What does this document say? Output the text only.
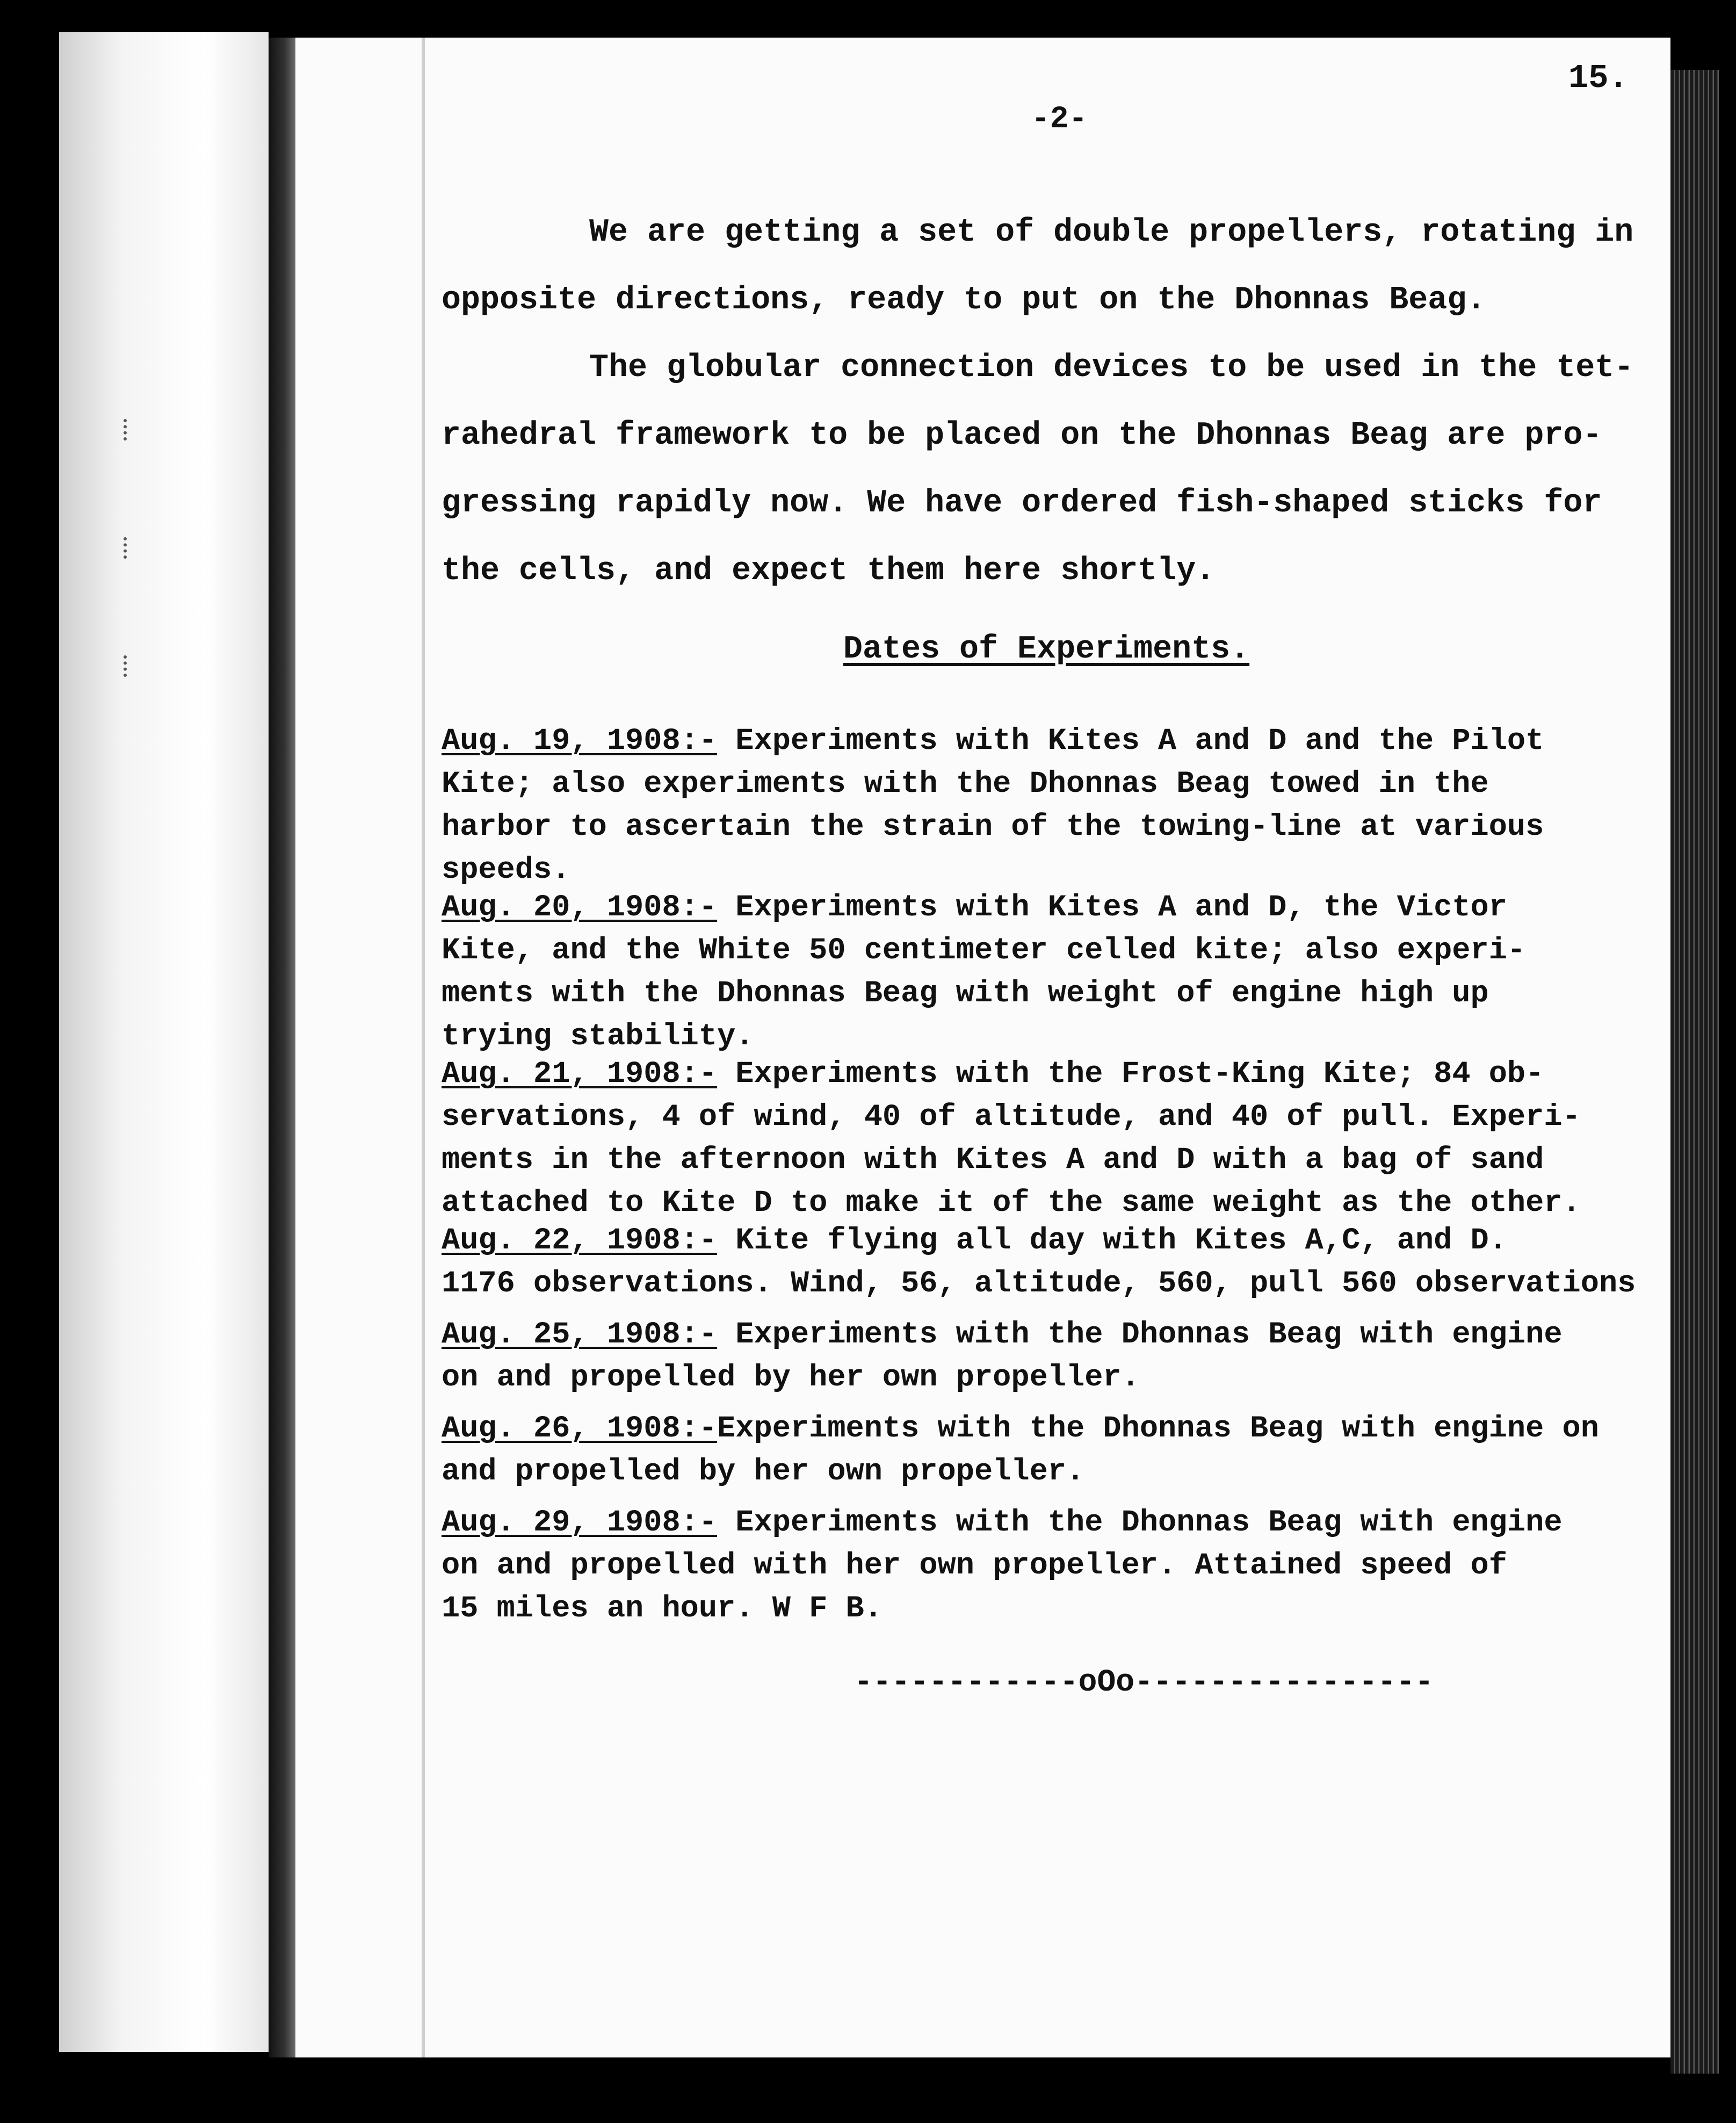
15.
-2-
We are getting a set of double propellers, rotating in
opposite directions, ready to put on the Dhonnas Beag.
The globular connection devices to be used in the tet-
rahedral framework to be placed on the Dhonnas Beag are pro-
gressing rapidly now. We have ordered fish-shaped sticks for
the cells, and expect them here shortly.
Dates of Experiments.
Aug. 19, 1908:- Experiments with Kites A and D and the Pilot
Kite; also experiments with the Dhonnas Beag towed in the
harbor to ascertain the strain of the towing-line at various
speeds.
Aug. 20, 1908:- Experiments with Kites A and D, the Victor
Kite, and the White 50 centimeter celled kite; also experi-
ments with the Dhonnas Beag with weight of engine high up
trying stability.
Aug. 21, 1908:- Experiments with the Frost-King Kite; 84 ob-
servations, 4 of wind, 40 of altitude, and 40 of pull. Experi-
ments in the afternoon with Kites A and D with a bag of sand
attached to Kite D to make it of the same weight as the other.
Aug. 22, 1908:- Kite flying all day with Kites A,C, and D.
1176 observations. Wind, 56, altitude, 560, pull 560 observations
Aug. 25, 1908:- Experiments with the Dhonnas Beag with engine
on and propelled by her own propeller.
Aug. 26, 1908:-Experiments with the Dhonnas Beag with engine on
and propelled by her own propeller.
Aug. 29, 1908:- Experiments with the Dhonnas Beag with engine
on and propelled with her own propeller. Attained speed of
15 miles an hour. W F B.
------------oOo----------------
